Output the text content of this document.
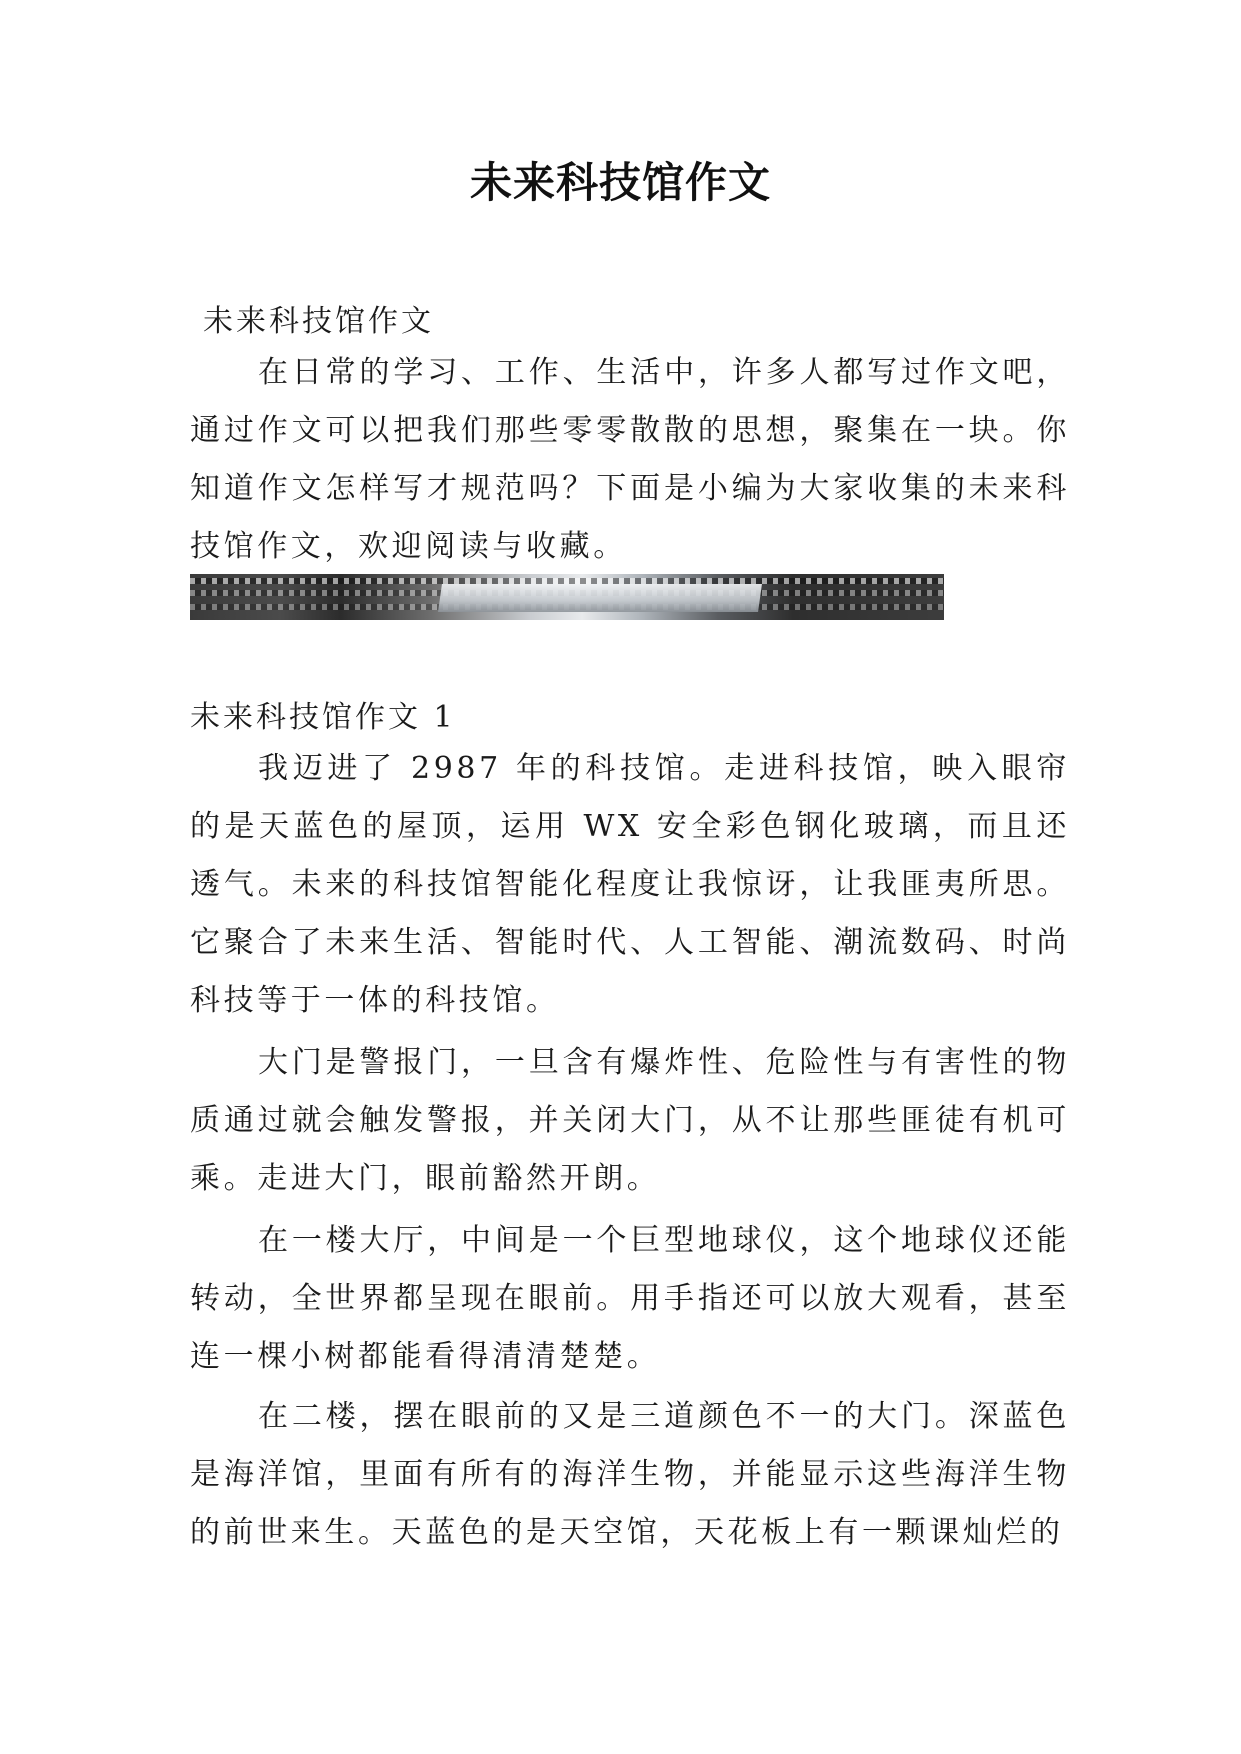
未来科技馆作文

未来科技馆作文

在日常的学习、工作、生活中，许多人都写过作文吧，通过作文可以把我们那些零零散散的思想，聚集在一块。你知道作文怎样写才规范吗？下面是小编为大家收集的未来科技馆作文，欢迎阅读与收藏。

未来科技馆作文 1

我迈进了 2987 年的科技馆。走进科技馆，映入眼帘的是天蓝色的屋顶，运用 WX 安全彩色钢化玻璃，而且还透气。未来的科技馆智能化程度让我惊讶，让我匪夷所思。它聚合了未来生活、智能时代、人工智能、潮流数码、时尚科技等于一体的科技馆。

大门是警报门，一旦含有爆炸性、危险性与有害性的物质通过就会触发警报，并关闭大门，从不让那些匪徒有机可乘。走进大门，眼前豁然开朗。

在一楼大厅，中间是一个巨型地球仪，这个地球仪还能转动，全世界都呈现在眼前。用手指还可以放大观看，甚至连一棵小树都能看得清清楚楚。

在二楼，摆在眼前的又是三道颜色不一的大门。深蓝色是海洋馆，里面有所有的海洋生物，并能显示这些海洋生物的前世来生。天蓝色的是天空馆，天花板上有一颗课灿烂的
